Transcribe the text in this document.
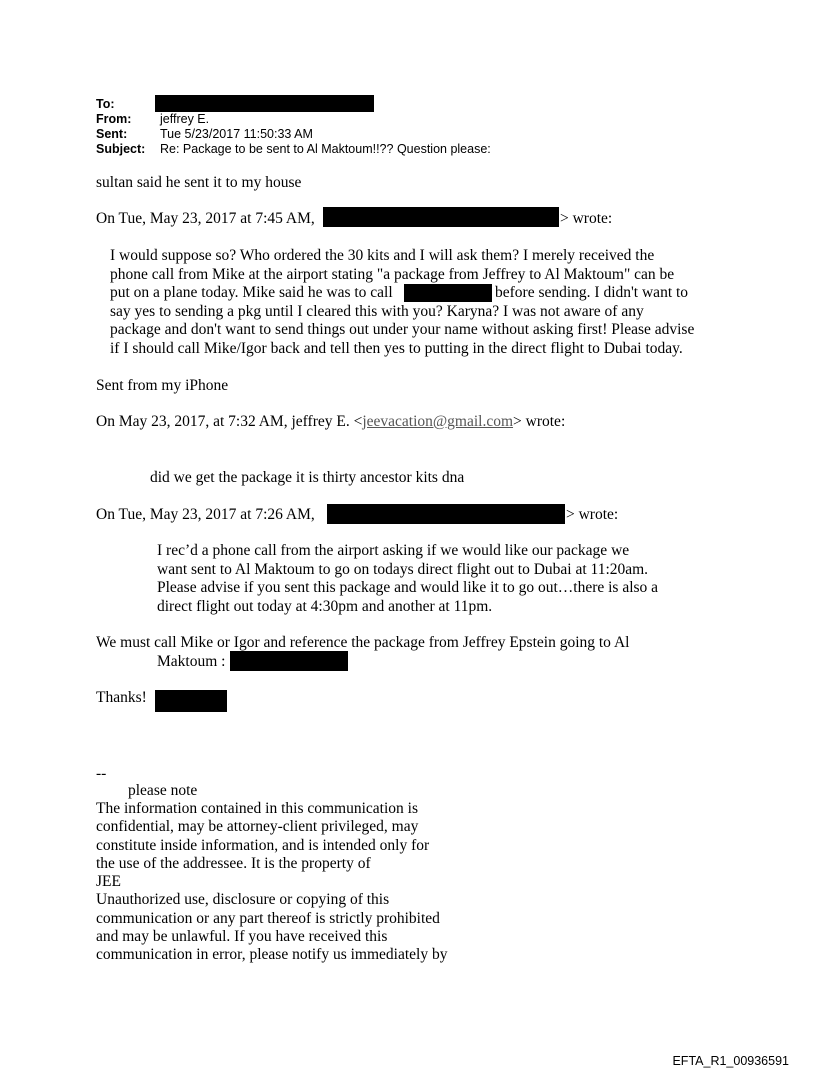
To:
From: jeffrey E.
Sent:	Tue 5/23/2017 11:50:33 AM
Subject: Re: Package to be sent to Al Maktoum!!?? Question please:
sultan said he sent it to my house
On Tue, May 23, 2017 at 7:45 AM,	> wrote:
I would suppose so? Who ordered the 30 kits and I will ask them? I merely received the
phone call from Mike at the airport stating "a package from Jeffrey to Al Maktoum" can be
put on a plane today. Mike said he was to call	before sending. I didn't want to
say yes to sending a pkg until I cleared this with you? Karyna? I was not aware of any
package and don't want to send things out under your name without asking first! Please advise
if I should call Mike/Igor back and tell then yes to putting in the direct flight to Dubai today.
Sent from my iPhone
On May 23, 2017, at 7:32 AM, jeffrey E. <jeevacation@gmail.com> wrote:
did we get the package it is thirty ancestor kits dna
On Tue, May 23, 2017 at 7:26 AM,	> wrote:
I rec’d a phone call from the airport asking if we would like our package we
want sent to Al Maktoum to go on todays direct flight out to Dubai at 11:20am.
Please advise if you sent this package and would like it to go out…there is also a
direct flight out today at 4:30pm and another at 11pm.
We must call Mike or Igor and reference the package from Jeffrey Epstein going to Al
Maktoum :
Thanks!
--
please note
The information contained in this communication is
confidential, may be attorney-client privileged, may
constitute inside information, and is intended only for
the use of the addressee. It is the property of
JEE
Unauthorized use, disclosure or copying of this
communication or any part thereof is strictly prohibited
and may be unlawful. If you have received this
communication in error, please notify us immediately by
EFTA_R1_00936591
